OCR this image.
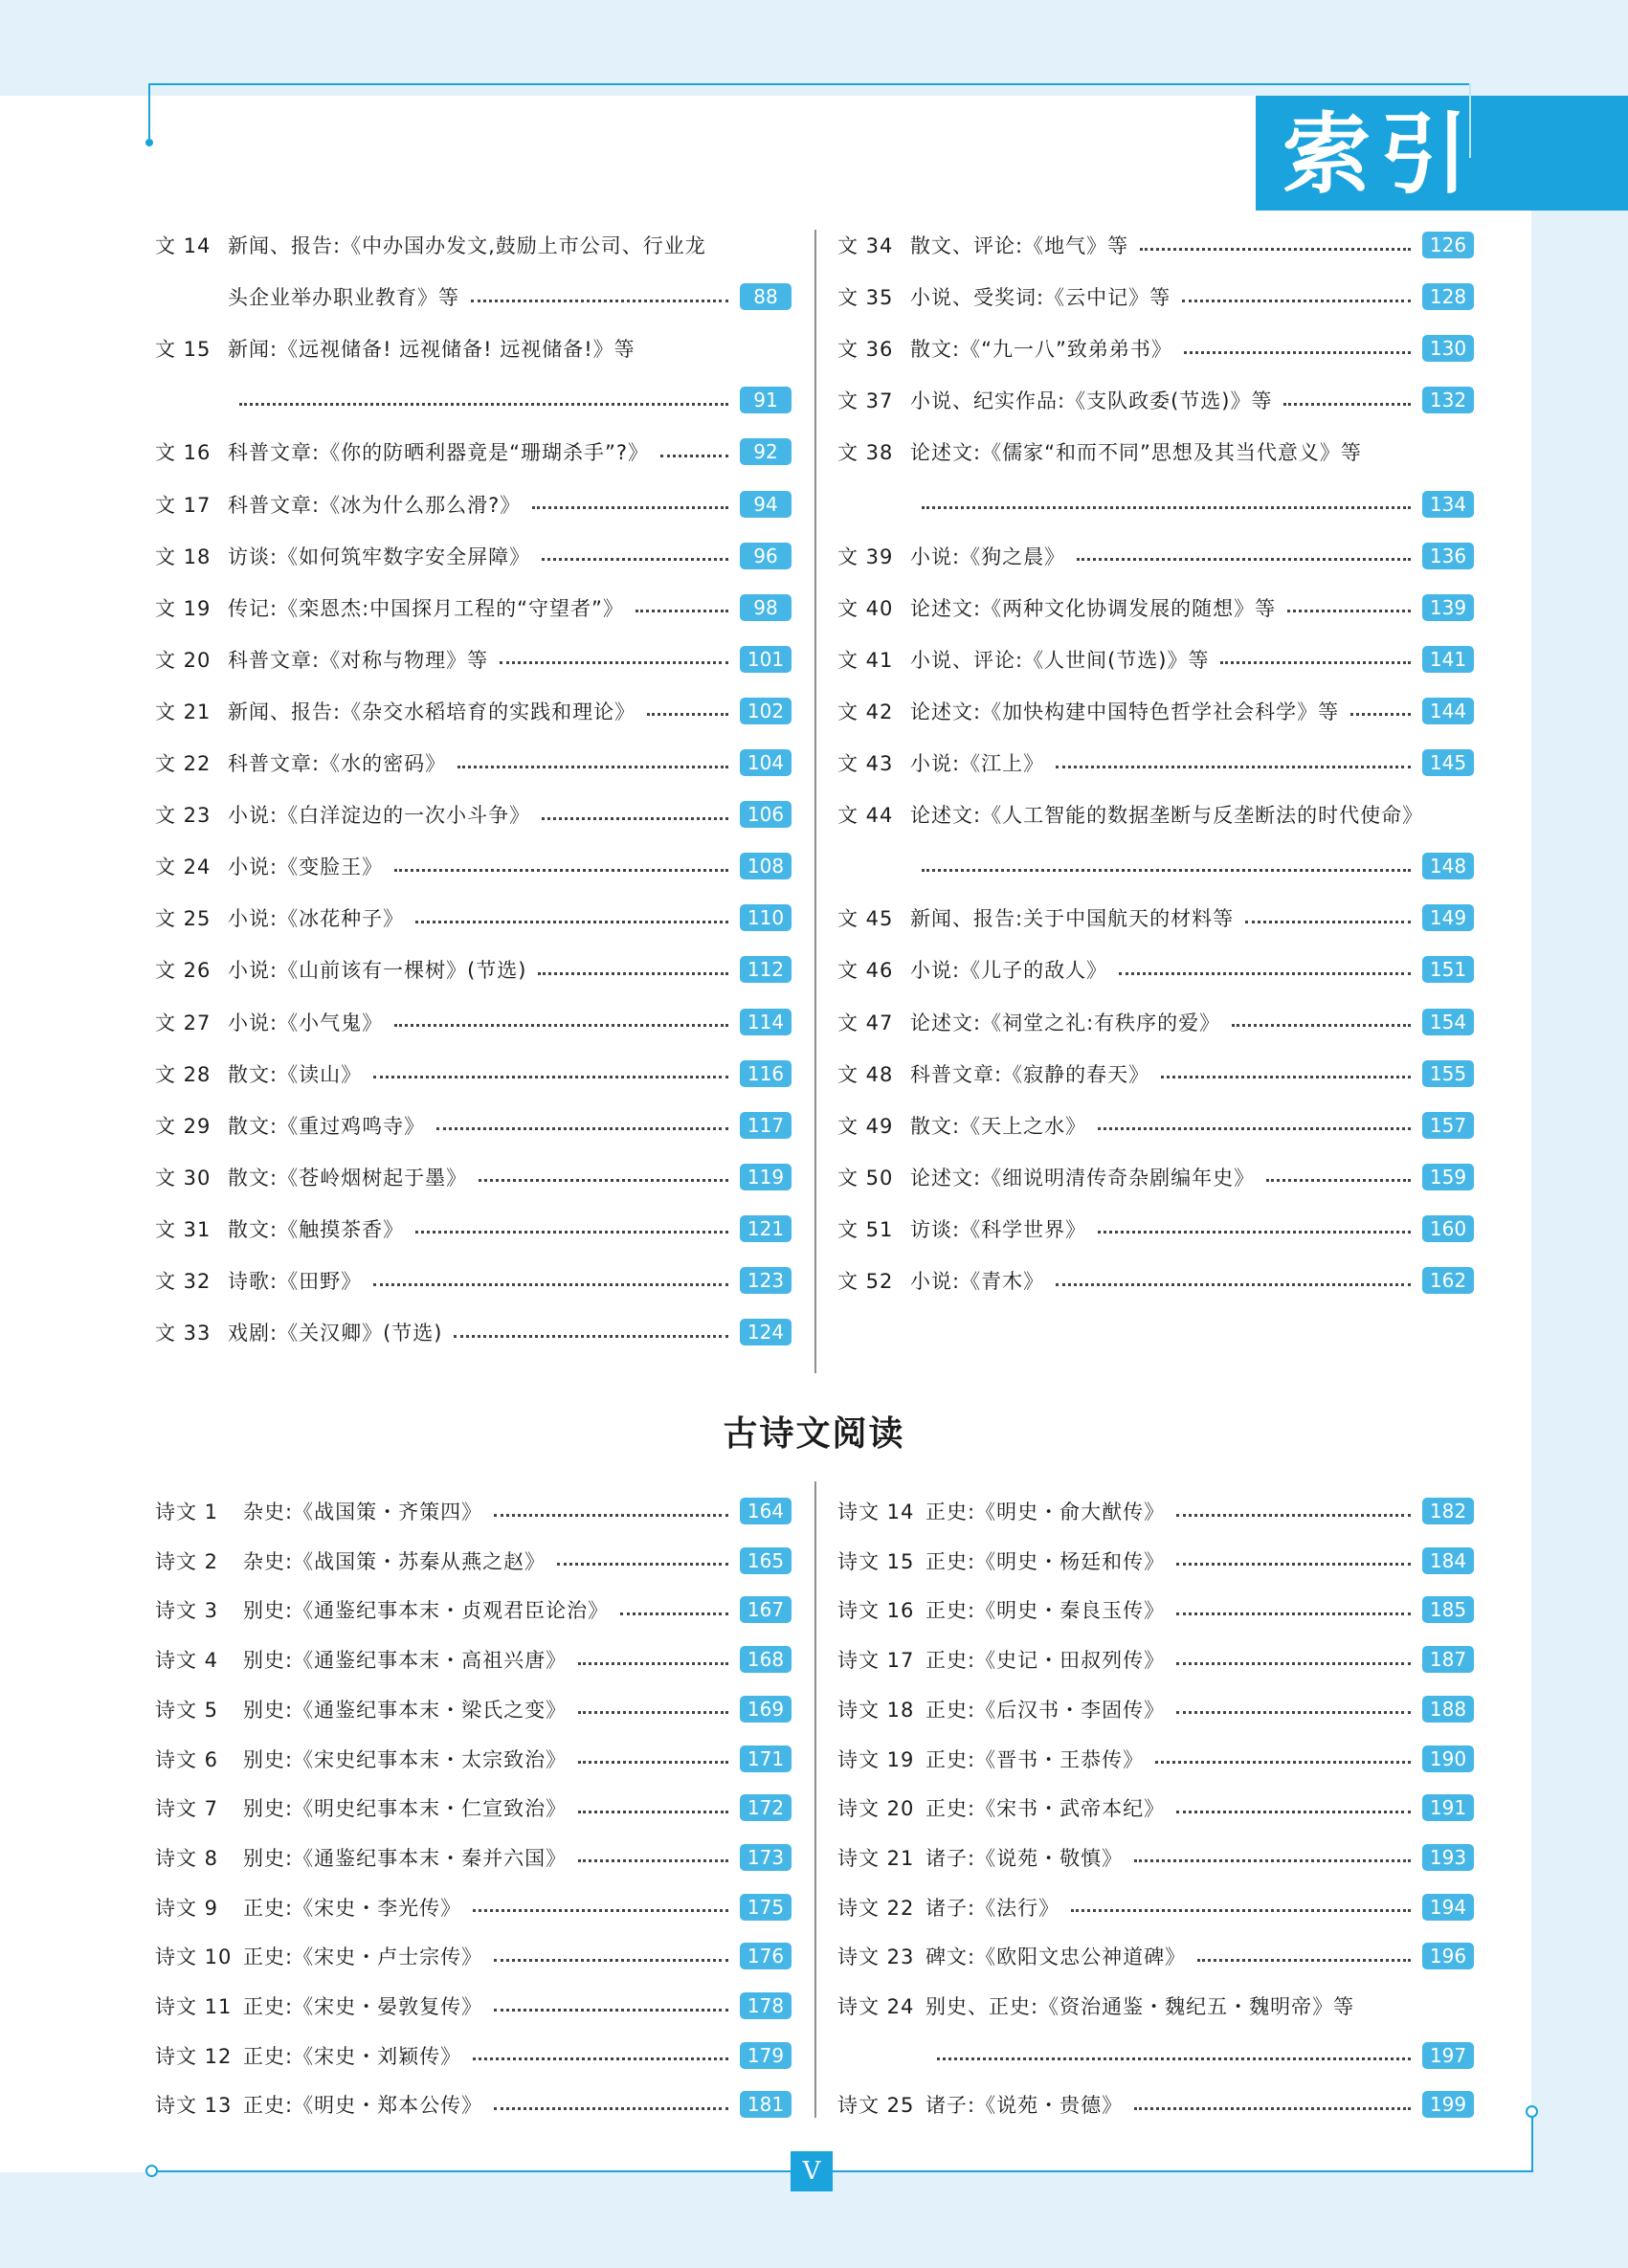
索引
文 14 新闻、报告:《中办国办发文,鼓励上市公司、行业龙
头企业举办职业教育》等	88
文 15 新闻:《远视储备! 远视储备! 远视储备!》等
91
文 16 科普文章:《你的防晒利器竟是“珊瑚杀手”?》	92
文 17 科普文章:《冰为什么那么滑?》	94
文 18 访谈:《如何筑牢数字安全屏障》	96
文 19 传记:《栾恩杰:中国探月工程的“守望者”》	98
文 20 科普文章:《对称与物理》等	101
文 21 新闻、报告:《杂交水稻培育的实践和理论》	102
文 22 科普文章:《水的密码》	104
文 23 小说:《白洋淀边的一次小斗争》	106
文 24 小说:《变脸王》	108
文 25 小说:《冰花种子》	110
文 26 小说:《山前该有一棵树》(节选)	112
文 27 小说:《小气鬼》	114
文 28 散文:《读山》	116
文 29 散文:《重过鸡鸣寺》	117
文 30 散文:《苍岭烟树起于墨》	119
文 31 散文:《触摸茶香》	121
文 32 诗歌:《田野》	123
文 33 戏剧:《关汉卿》(节选)	124
文 34 散文、评论:《地气》等	126
文 35 小说、受奖词:《云中记》等	128
文 36 散文:《“九一八”致弟弟书》	130
文 37 小说、纪实作品:《支队政委(节选)》等	132
文 38 论述文:《儒家“和而不同”思想及其当代意义》等
134
文 39 小说:《狗之晨》	136
文 40 论述文:《两种文化协调发展的随想》等	139
文 41 小说、评论:《人世间(节选)》等	141
文 42 论述文:《加快构建中国特色哲学社会科学》等	144
文 43 小说:《江上》	145
文 44 论述文:《人工智能的数据垄断与反垄断法的时代使命》
148
文 45 新闻、报告:关于中国航天的材料等	149
文 46 小说:《儿子的敌人》	151
文 47 论述文:《祠堂之礼:有秩序的爱》	154
文 48 科普文章:《寂静的春天》	155
文 49 散文:《天上之水》	157
文 50 论述文:《细说明清传奇杂剧编年史》	159
文 51 访谈:《科学世界》	160
文 52 小说:《青木》	162
古诗文阅读
诗文 1	杂史:《战国策・齐策四》	164
诗文 2	杂史:《战国策・苏秦从燕之赵》	165
诗文 3	别史:《通鉴纪事本末・贞观君臣论治》	167
诗文 4	别史:《通鉴纪事本末・高祖兴唐》	168
诗文 5	别史:《通鉴纪事本末・梁氏之变》	169
诗文 6	别史:《宋史纪事本末・太宗致治》	171
诗文 7	别史:《明史纪事本末・仁宣致治》	172
诗文 8	别史:《通鉴纪事本末・秦并六国》	173
诗文 9	正史:《宋史・李光传》	175
诗文 10 正史:《宋史・卢士宗传》	176
诗文 11 正史:《宋史・晏敦复传》	178
诗文 12 正史:《宋史・刘颖传》	179
诗文 13 正史:《明史・郑本公传》	181
诗文 14 正史:《明史・俞大猷传》	182
诗文 15 正史:《明史・杨廷和传》	184
诗文 16 正史:《明史・秦良玉传》	185
诗文 17 正史:《史记・田叔列传》	187
诗文 18 正史:《后汉书・李固传》	188
诗文 19 正史:《晋书・王恭传》	190
诗文 20 正史:《宋书・武帝本纪》	191
诗文 21 诸子:《说苑・敬慎》	193
诗文 22 诸子:《法行》	194
诗文 23 碑文:《欧阳文忠公神道碑》	196
诗文 24 别史、正史:《资治通鉴・魏纪五・魏明帝》等
197
诗文 25 诸子:《说苑・贵德》	199
V
